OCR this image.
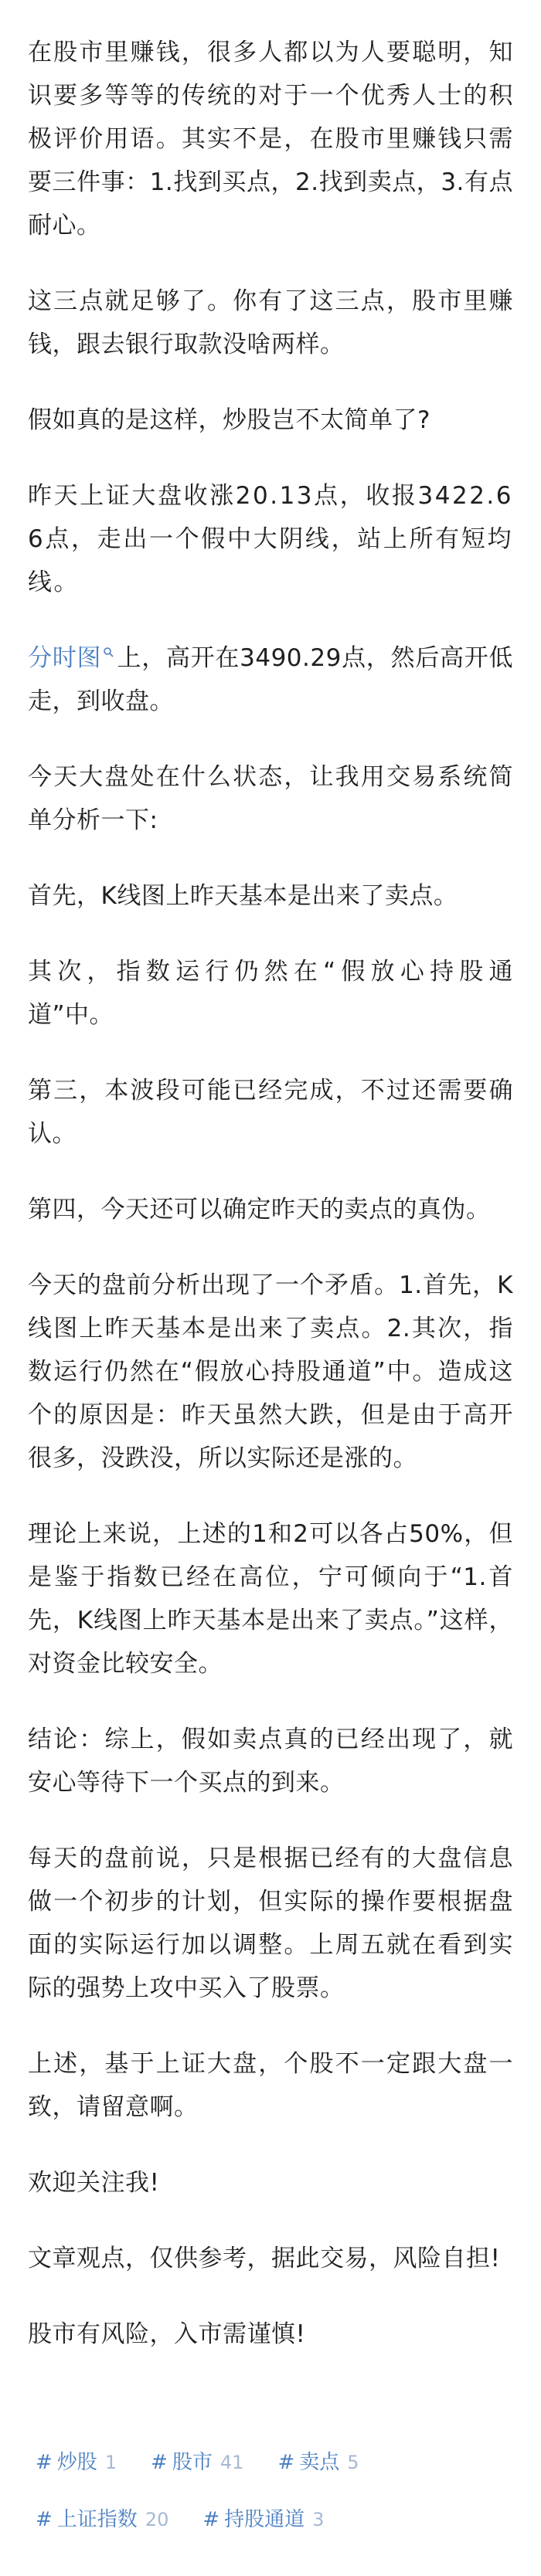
在股市里赚钱，很多人都以为人要聪明，知识要多等等的传统的对于一个优秀人士的积极评价用语。其实不是，在股市里赚钱只需要三件事：1.找到买点，2.找到卖点，3.有点耐心。

这三点就足够了。你有了这三点，股市里赚钱，跟去银行取款没啥两样。

假如真的是这样，炒股岂不太简单了?

昨天上证大盘收涨20.13点，收报3422.66点，走出一个假中大阴线，站上所有短均线。

分时图 上，高开在3490.29点，然后高开低走，到收盘。

今天大盘处在什么状态，让我用交易系统简单分析一下:

首先，K线图上昨天基本是出来了卖点。

其次，指数运行仍然在“假放心持股通道”中。

第三，本波段可能已经完成，不过还需要确认。

第四，今天还可以确定昨天的卖点的真伪。

今天的盘前分析出现了一个矛盾。1.首先，K线图上昨天基本是出来了卖点。2.其次，指数运行仍然在“假放心持股通道”中。造成这个的原因是：昨天虽然大跌，但是由于高开很多，没跌没，所以实际还是涨的。

理论上来说，上述的1和2可以各占50%，但是鉴于指数已经在高位，宁可倾向于“1.首先，K线图上昨天基本是出来了卖点。”这样，对资金比较安全。

结论：综上，假如卖点真的已经出现了，就安心等待下一个买点的到来。

每天的盘前说，只是根据已经有的大盘信息做一个初步的计划，但实际的操作要根据盘面的实际运行加以调整。上周五就在看到实际的强势上攻中买入了股票。

上述，基于上证大盘，个股不一定跟大盘一致，请留意啊。

欢迎关注我!

文章观点，仅供参考，据此交易，风险自担!

股市有风险，入市需谨慎!

# 炒股 1 # 股市 41 # 卖点 5
# 上证指数 20 # 持股通道 3
